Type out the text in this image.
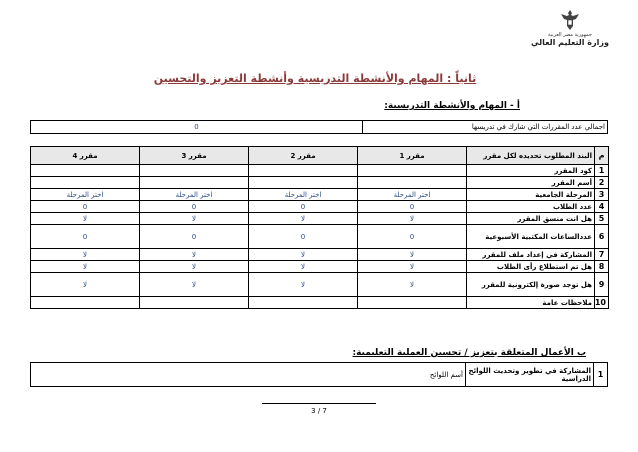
جمهورية مصر العربية
وزارة التعليم العالي
ثانياً : المهام والأنشطة التدريسية وأنشطة التعزيز والتحسين
أ - المهام والأنشطة التدريسية:
اجمالي عدد المقررات التي شارك في تدريسها	0
م	البند المطلوب تحديده لكل مقرر	مقرر 1	مقرر 2	مقرر 3	مقرر 4
1	كود المقرر				
2	أسم المقرر				
3	المرحلة الجامعية	اختر المرحلة	اختر المرحلة	اختر المرحلة	اختر المرحلة
4	عدد الطلاب	0	0	0	0
5	هل انت منسق المقرر	لا	لا	لا	لا
6	عددالساعات المكتبية الأسبوعية	0	0	0	0
7	المشاركة في إعداد ملف للمقرر	لا	لا	لا	لا
8	هل تم استطلاع رأى الطلاب	لا	لا	لا	لا
9	هل توجد صورة إلكترونية للمقرر	لا	لا	لا	لا
10	ملاحظات عامة				
ب الأعمال المتعلقة بتعزيز / تحسين العملية التعليمية:
1	المشاركة في تطوير وتحديث اللوائح الدراسية	أسم اللوائح
3 / 7
